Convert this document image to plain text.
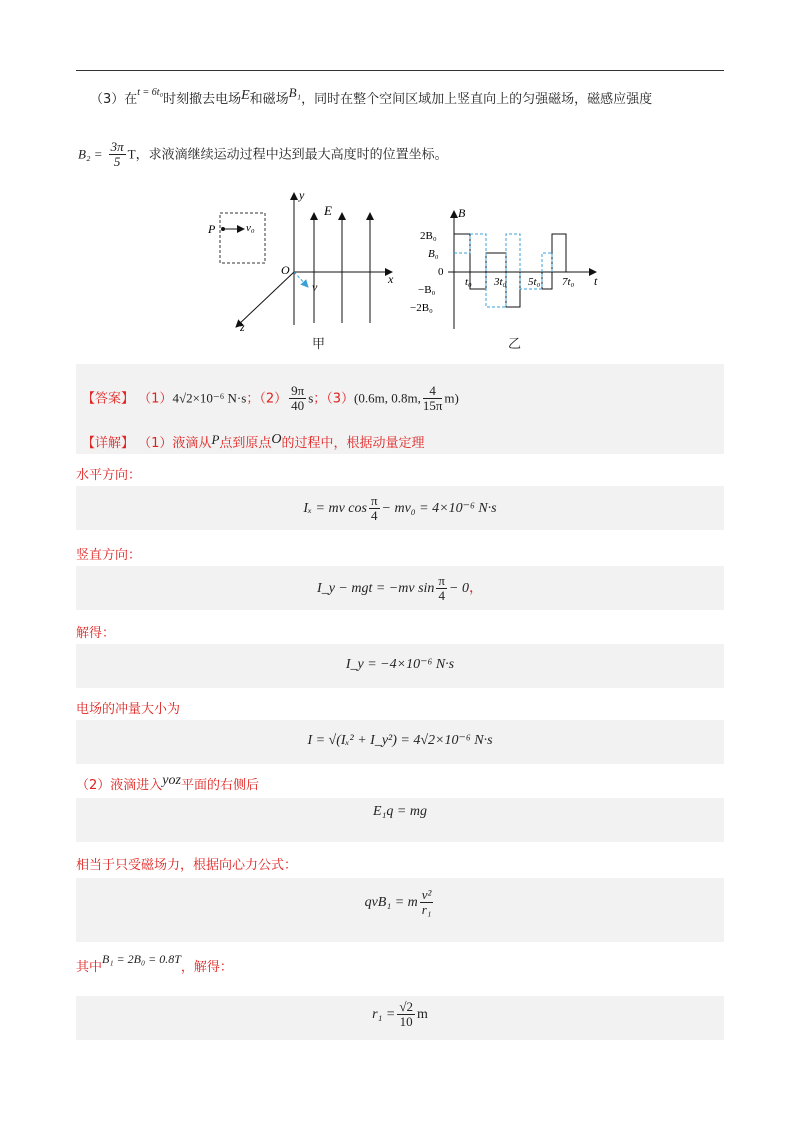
（3）在$^{t = 6t_0}$时刻撤去电场E和磁场B₁，同时在整个空间区域加上竖直向上的匀强磁场，磁感应强度
$B_2 = \frac{3\pi}{5}$ T，求液滴继续运动过程中达到最大高度时的位置坐标。
y
E
P	v₀
O
x
v
z
甲
B
2B₀
B₀
0
−B₀
−2B₀
t₀ 3t₀ 5t₀ 7t₀ t
乙
【答案】 （1）4√2×10⁻⁶ N·s；$(2) \frac{9\pi}{40}$ s；（3）(0.6m, 0.8m, $\frac{4}{15\pi} m$)
【详解】 （1）液滴从P点到原点O的过程中，根据动量定理
水平方向：
Iₓ = mv $\cos \frac{\pi}{4} - mv_0 = 4\times 10^{-6}$ N·s
竖直方向：
I_y − mgt = −mv $\sin \frac{\pi}{4} - 0$，
解得：
I_y = −4×10⁻⁶ N·s
电场的冲量大小为
I = √(Iₓ² + I_y²) = 4√2×10⁻⁶ N·s
（2）液滴进入yoz平面的右侧后
E₁q = mg
相当于只受磁场力，根据向心力公式：
qvB₁ = m $\frac{\text{v²}}{\text{r₁}}$
其中B₁ = 2B₀ = 0.8T，解得：
$r_1 = \frac{√2}{10}$ m
